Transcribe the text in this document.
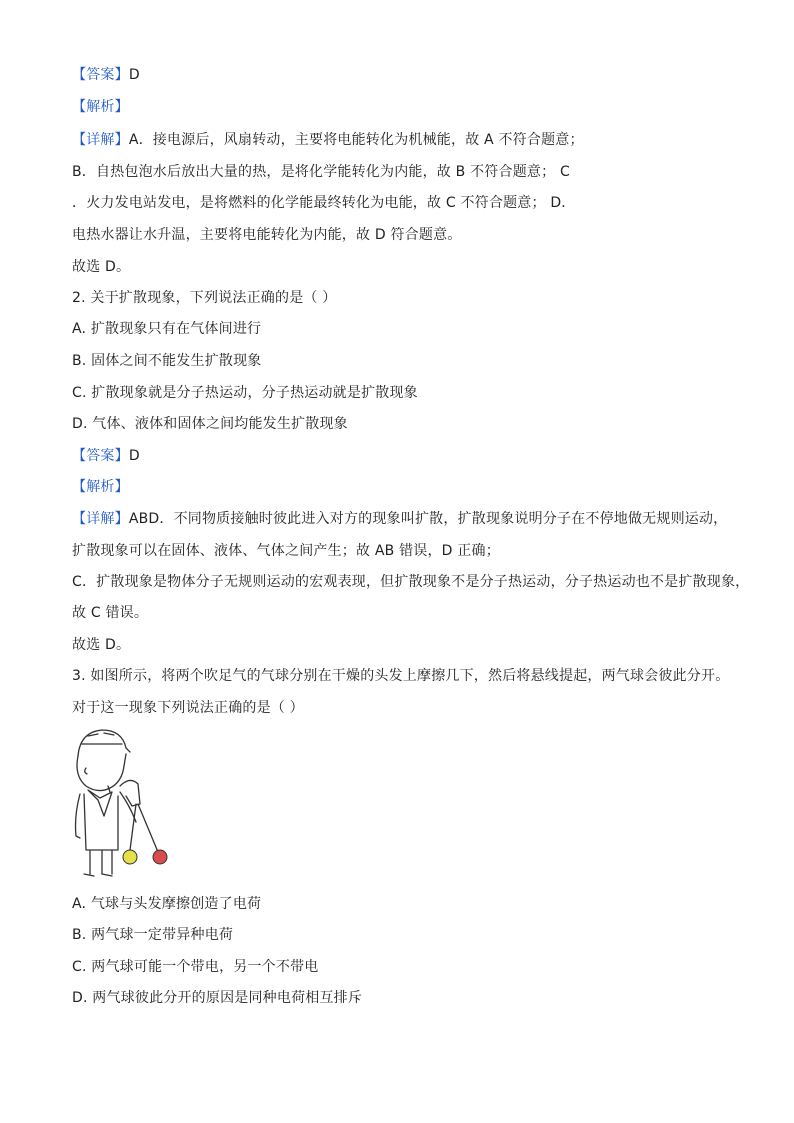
【答案】D
【解析】
【详解】A．接电源后，风扇转动，主要将电能转化为机械能，故 A 不符合题意；
B．自热包泡水后放出大量的热，是将化学能转化为内能，故 B 不符合题意； C
．火力发电站发电，是将燃料的化学能最终转化为电能，故 C 不符合题意； D．
电热水器让水升温，主要将电能转化为内能，故 D 符合题意。
故选 D。
2. 关于扩散现象，下列说法正确的是（ ）
A. 扩散现象只有在气体间进行
B. 固体之间不能发生扩散现象
C. 扩散现象就是分子热运动，分子热运动就是扩散现象
D. 气体、液体和固体之间均能发生扩散现象
【答案】D
【解析】
【详解】ABD．不同物质接触时彼此进入对方的现象叫扩散，扩散现象说明分子在不停地做无规则运动，
扩散现象可以在固体、液体、气体之间产生；故 AB 错误，D 正确；
C．扩散现象是物体分子无规则运动的宏观表现，但扩散现象不是分子热运动，分子热运动也不是扩散现象，
故 C 错误。
故选 D。
3. 如图所示，将两个吹足气的气球分别在干燥的头发上摩擦几下，然后将悬线提起，两气球会彼此分开。
对于这一现象下列说法正确的是（ ）
A. 气球与头发摩擦创造了电荷
B. 两气球一定带异种电荷
C. 两气球可能一个带电，另一个不带电
D. 两气球彼此分开的原因是同种电荷相互排斥
